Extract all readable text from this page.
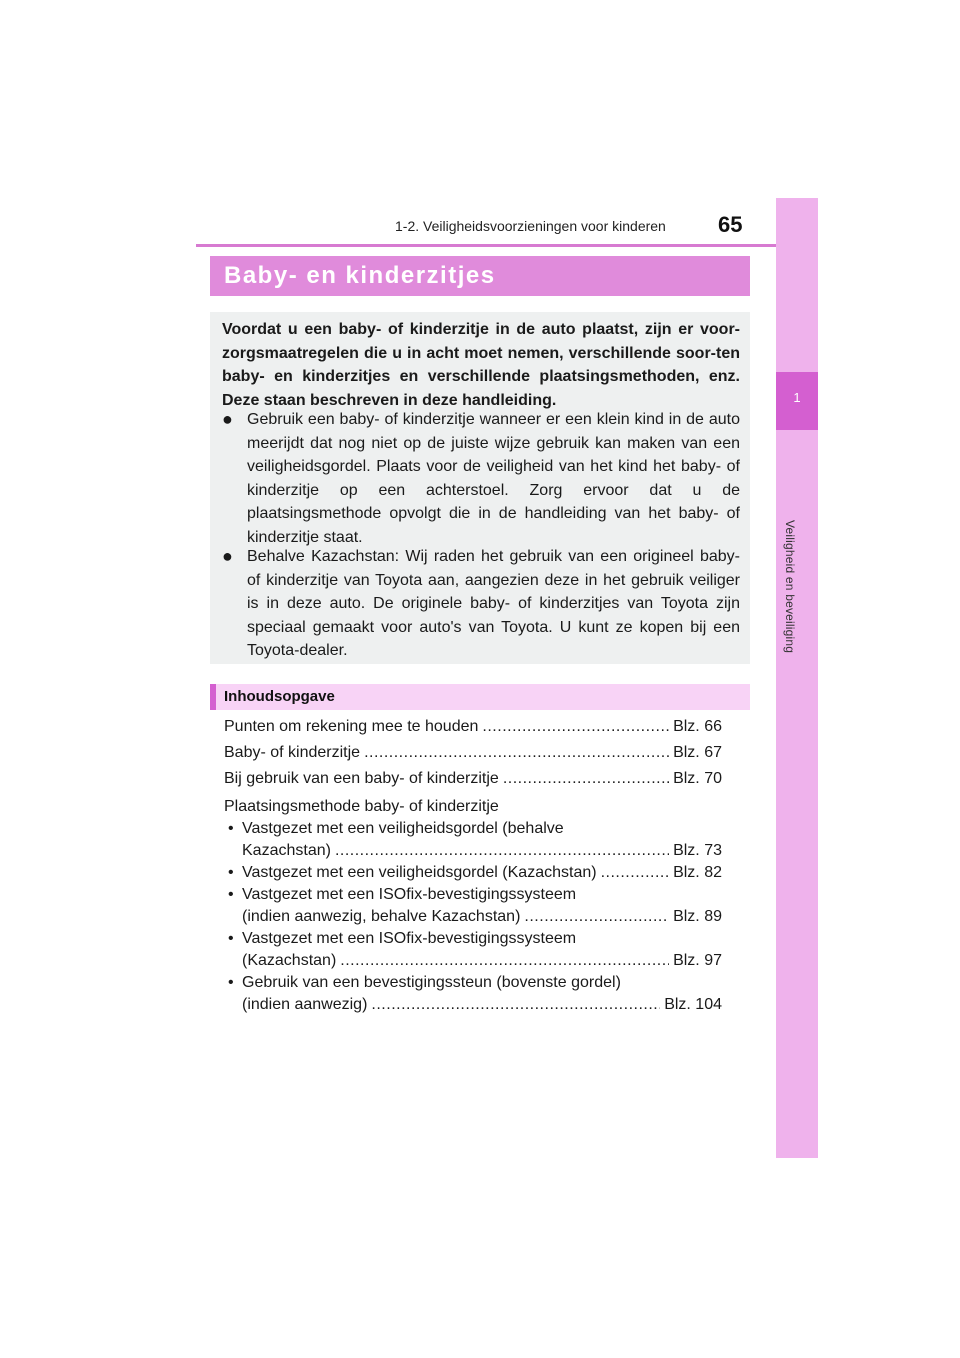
1-2. Veiligheidsvoorzieningen voor kinderen 65
1
Veiligheid en beveiliging
Baby- en kinderzitjes
Voordat u een baby- of kinderzitje in de auto plaatst, zijn er voor-zorgsmaatregelen die u in acht moet nemen, verschillende soor-ten baby- en kinderzitjes en verschillende plaatsingsmethoden, enz. Deze staan beschreven in deze handleiding.
● Gebruik een baby- of kinderzitje wanneer er een klein kind in de auto meerijdt dat nog niet op de juiste wijze gebruik kan maken van een veiligheidsgordel. Plaats voor de veiligheid van het kind het baby- of kinderzitje op een achterstoel. Zorg ervoor dat u de plaatsingsmethode opvolgt die in de handleiding van het baby- of kinderzitje staat.
● Behalve Kazachstan: Wij raden het gebruik van een origineel baby- of kinderzitje van Toyota aan, aangezien deze in het gebruik veiliger is in deze auto. De originele baby- of kinderzitjes van Toyota zijn speciaal gemaakt voor auto's van Toyota. U kunt ze kopen bij een Toyota-dealer.
Inhoudsopgave
Punten om rekening mee te houden .....	Blz. 66
Baby- of kinderzitje .....	Blz. 67
Bij gebruik van een baby- of kinderzitje .....	Blz. 70
Plaatsingsmethode baby- of kinderzitje
• Vastgezet met een veiligheidsgordel (behalve
Kazachstan) .....	Blz. 73
• Vastgezet met een veiligheidsgordel (Kazachstan) .....	Blz. 82
• Vastgezet met een ISOfix-bevestigingssysteem
(indien aanwezig, behalve Kazachstan) .....	Blz. 89
• Vastgezet met een ISOfix-bevestigingssysteem
(Kazachstan) .....	Blz. 97
• Gebruik van een bevestigingssteun (bovenste gordel)
(indien aanwezig) .....	Blz. 104
